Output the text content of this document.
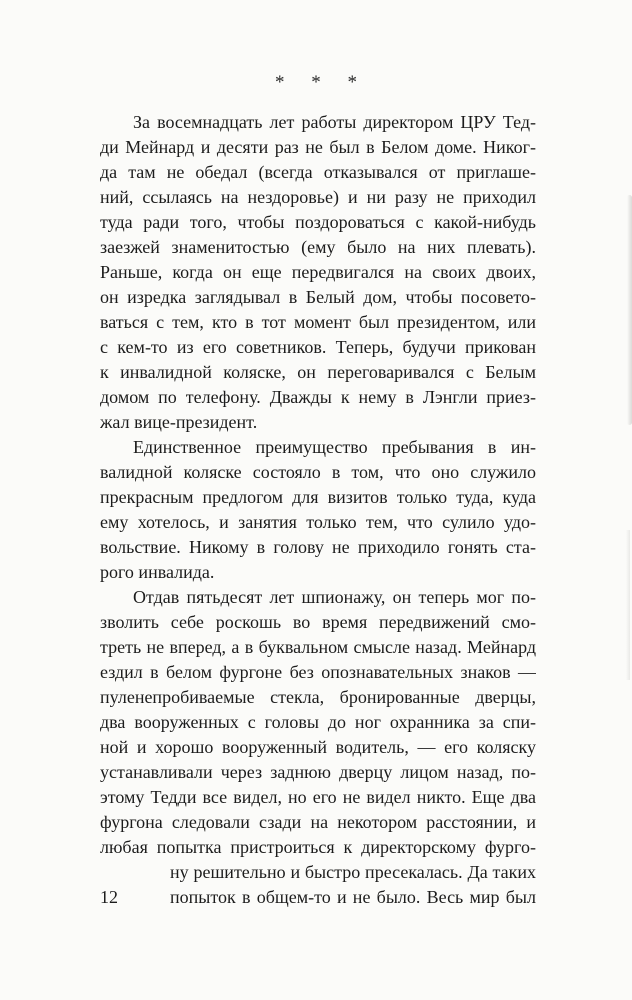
* * *
За восемнадцать лет работы директором ЦРУ Тед-
ди Мейнард и десяти раз не был в Белом доме. Никог-
да там не обедал (всегда отказывался от приглаше-
ний, ссылаясь на нездоровье) и ни разу не приходил
туда ради того, чтобы поздороваться с какой-нибудь
заезжей знаменитостью (ему было на них плевать).
Раньше, когда он еще передвигался на своих двоих,
он изредка заглядывал в Белый дом, чтобы посовето-
ваться с тем, кто в тот момент был президентом, или
с кем-то из его советников. Теперь, будучи прикован
к инвалидной коляске, он переговаривался с Белым
домом по телефону. Дважды к нему в Лэнгли приез-
жал вице-президент.
Единственное преимущество пребывания в ин-
валидной коляске состояло в том, что оно служило
прекрасным предлогом для визитов только туда, куда
ему хотелось, и занятия только тем, что сулило удо-
вольствие. Никому в голову не приходило гонять ста-
рого инвалида.
Отдав пятьдесят лет шпионажу, он теперь мог по-
зволить себе роскошь во время передвижений смо-
треть не вперед, а в буквальном смысле назад. Мейнард
ездил в белом фургоне без опознавательных знаков —
пуленепробиваемые стекла, бронированные дверцы,
два вооруженных с головы до ног охранника за спи-
ной и хорошо вооруженный водитель, — его коляску
устанавливали через заднюю дверцу лицом назад, по-
этому Тедди все видел, но его не видел никто. Еще два
фургона следовали сзади на некотором расстоянии, и
любая попытка пристроиться к директорскому фурго-
ну решительно и быстро пресекалась. Да таких
попыток в общем-то и не было. Весь мир был
12
